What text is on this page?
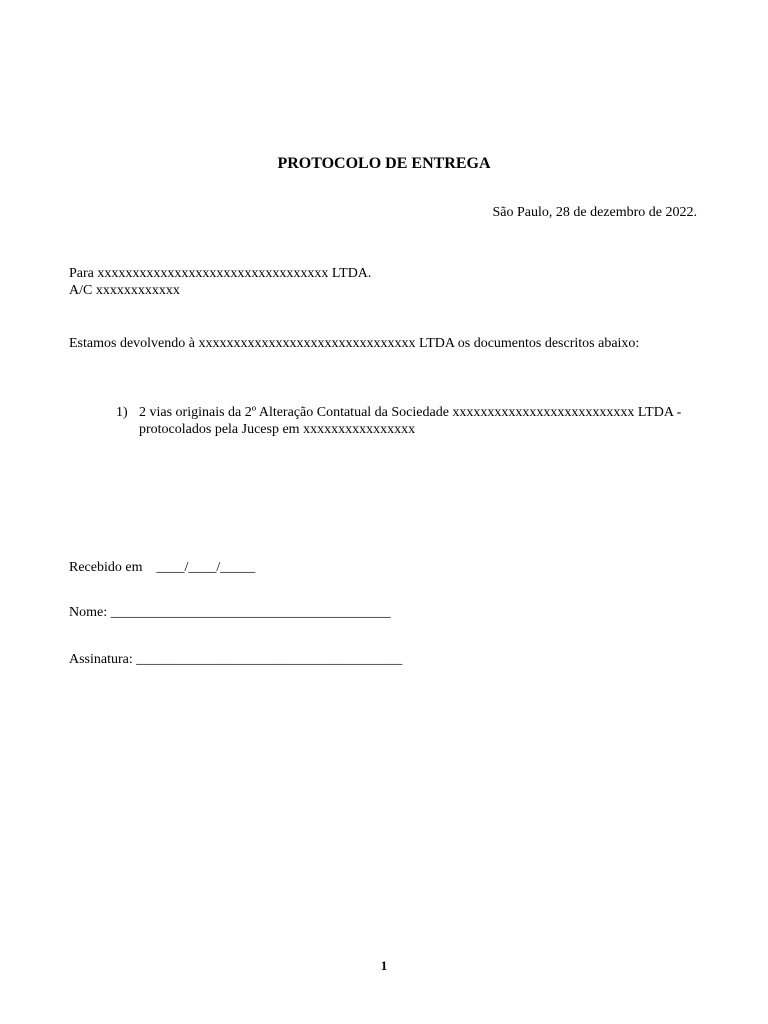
PROTOCOLO DE ENTREGA
São Paulo, 28 de dezembro de 2022.
Para xxxxxxxxxxxxxxxxxxxxxxxxxxxxxxxxx LTDA.
A/C xxxxxxxxxxxx
Estamos devolvendo à xxxxxxxxxxxxxxxxxxxxxxxxxxxxxxx LTDA os documentos descritos abaixo:
1) 2 vias originais da 2º Alteração Contatual da Sociedade xxxxxxxxxxxxxxxxxxxxxxxxxx LTDA - protocolados pela Jucesp em xxxxxxxxxxxxxxxx
Recebido em    ____/____/_____
Nome: ________________________________________
Assinatura: ______________________________________
1
